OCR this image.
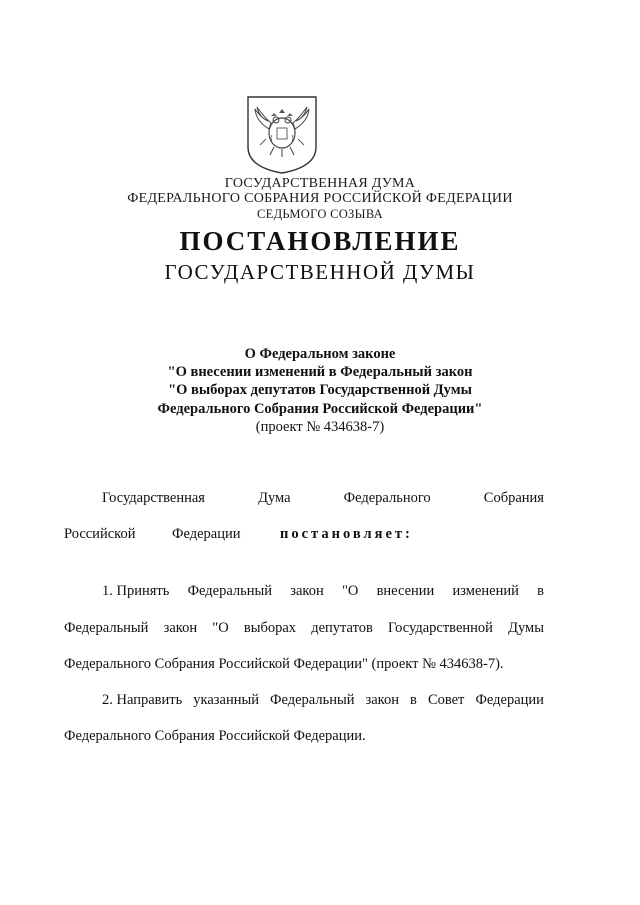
ГОСУДАРСТВЕННАЯ ДУМА
ФЕДЕРАЛЬНОГО СОБРАНИЯ РОССИЙСКОЙ ФЕДЕРАЦИИ
СЕДЬМОГО СОЗЫВА
ПОСТАНОВЛЕНИЕ
ГОСУДАРСТВЕННОЙ ДУМЫ
О Федеральном законе
"О внесении изменений в Федеральный закон
"О выборах депутатов Государственной Думы
Федерального Собрания Российской Федерации"
(проект № 434638-7)
Государственная	Дума	Федерального	Собрания
Российской	Федерации	постановляет:
1. Принять Федеральный закон "О внесении изменений в
Федеральный закон "О выборах депутатов Государственной Думы
Федерального Собрания Российской Федерации" (проект № 434638-7).
2. Направить указанный Федеральный закон в Совет Федерации
Федерального Собрания Российской Федерации.
